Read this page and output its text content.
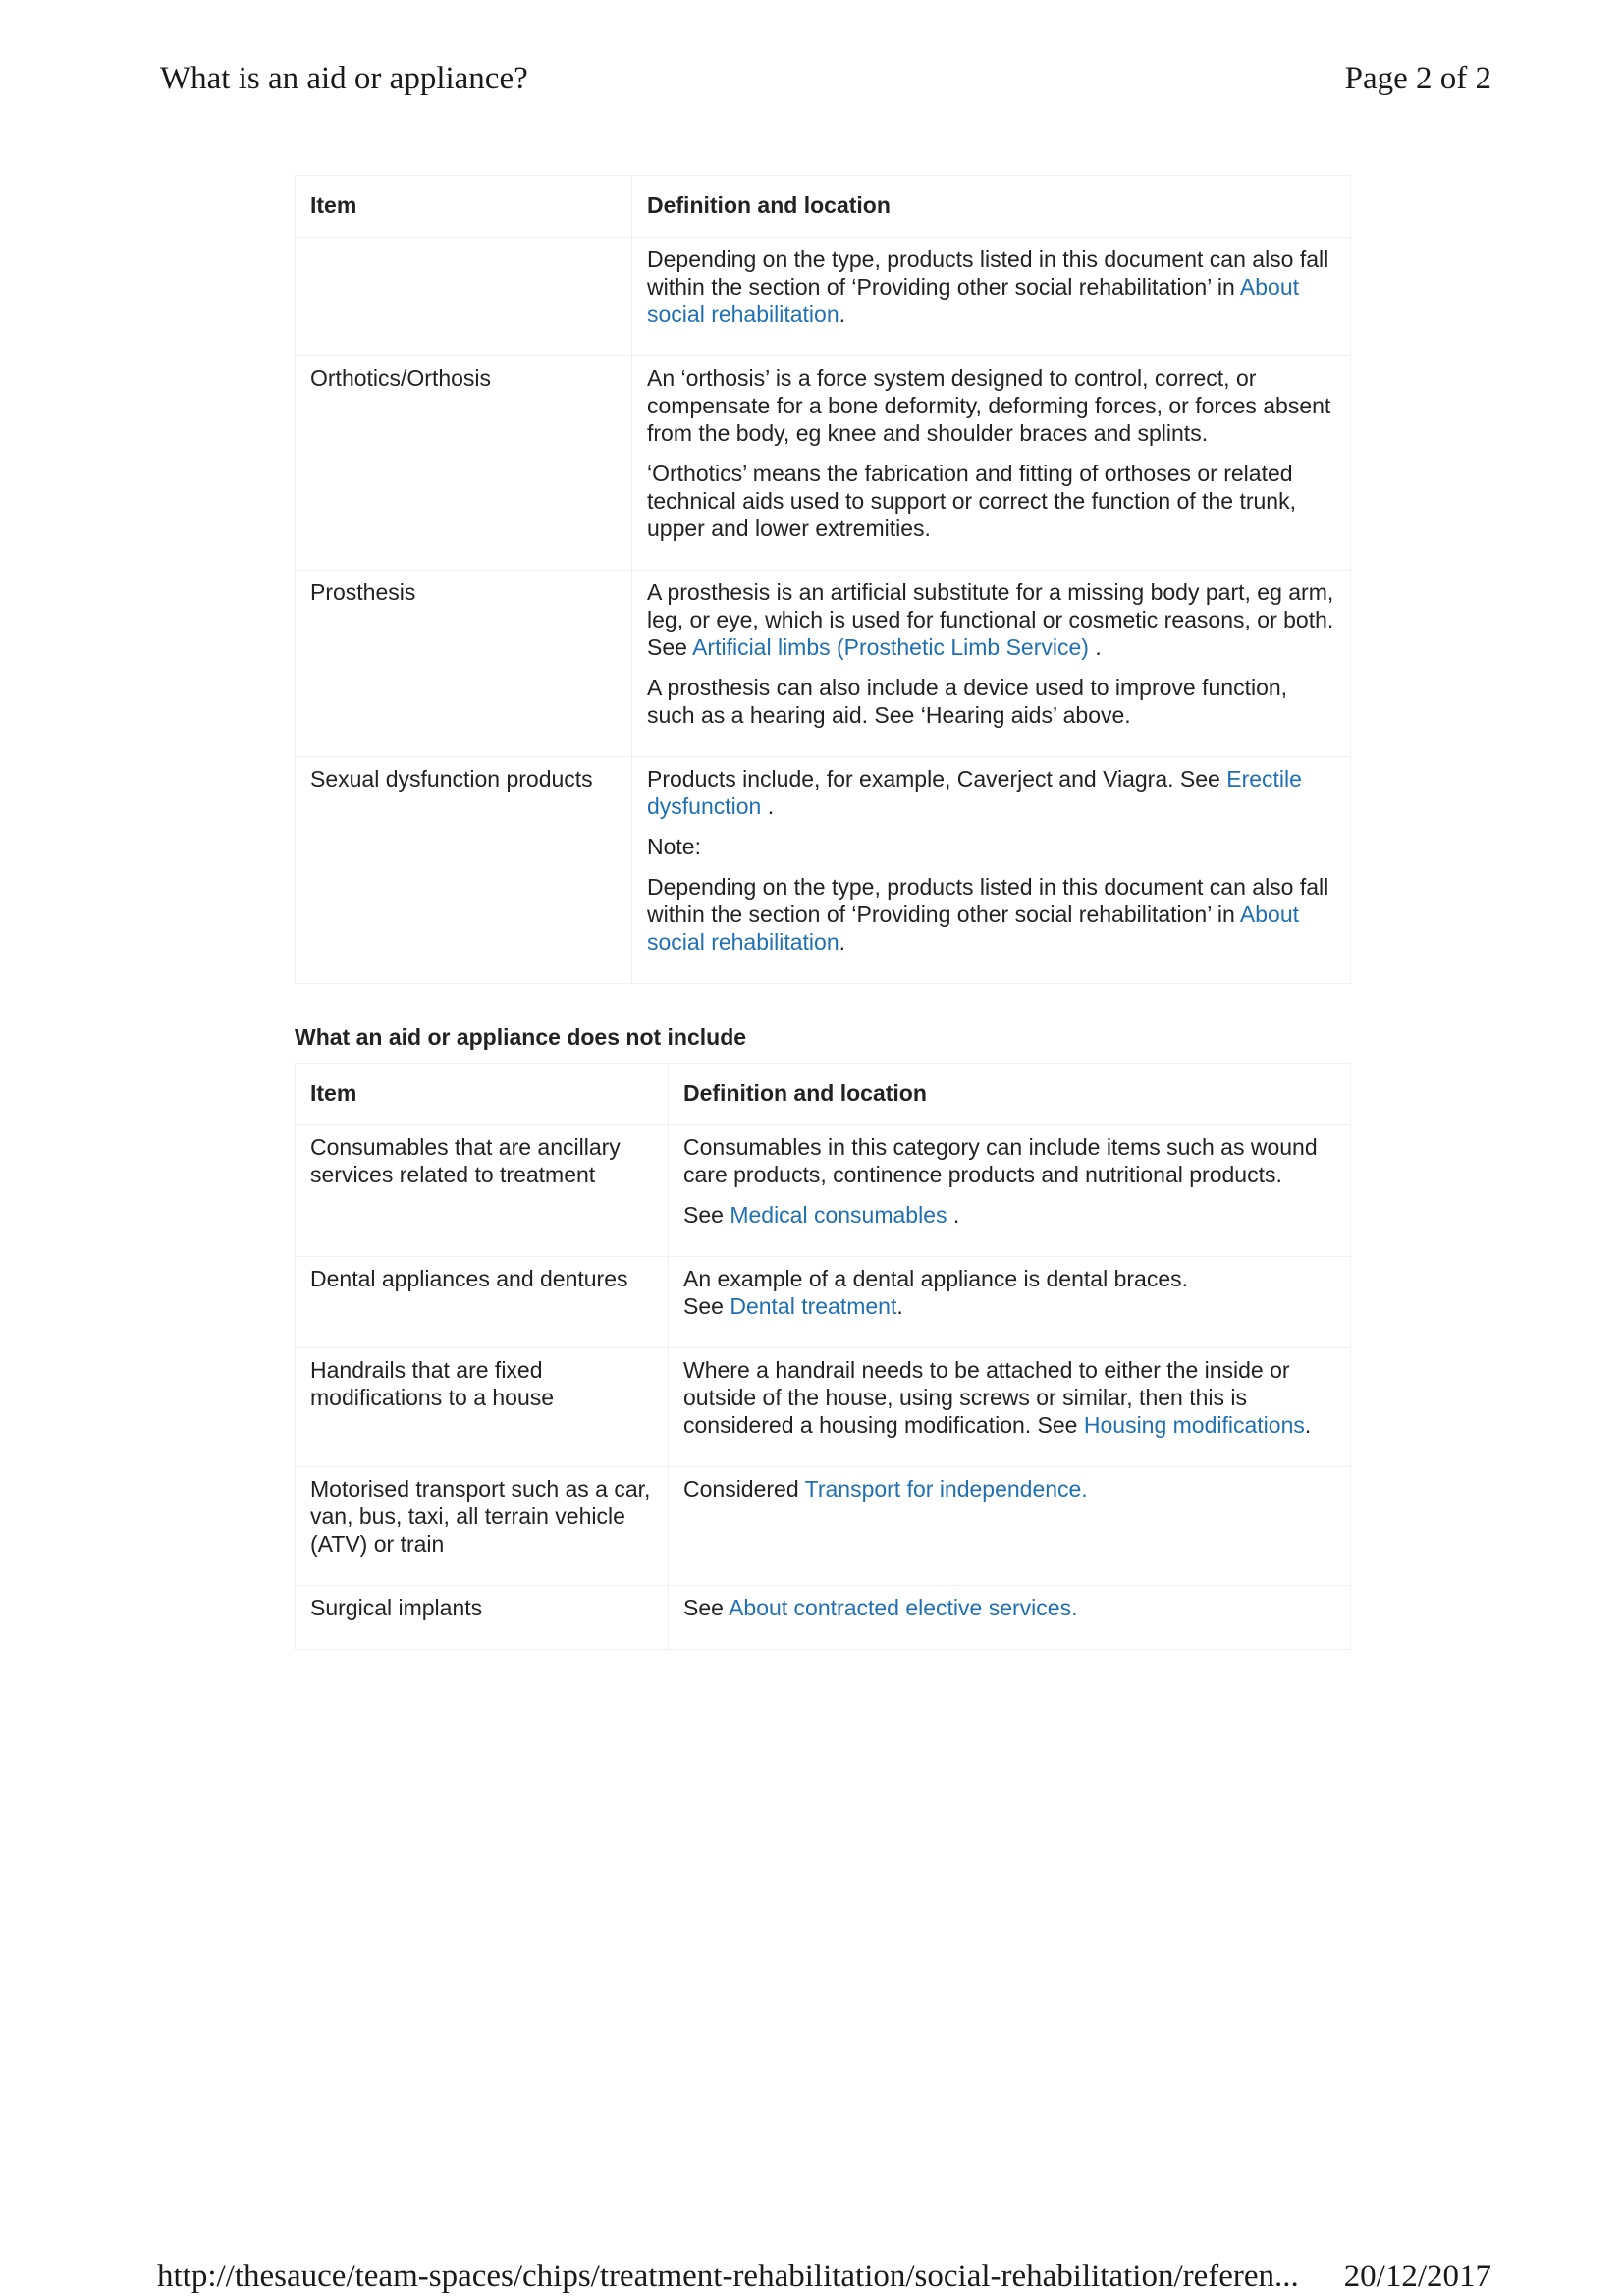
What is an aid or appliance?	Page 2 of 2
Item	Definition and location

	Depending on the type, products listed in this document can also fall within the section of ‘Providing other social rehabilitation’ in About social rehabilitation.

Orthotics/Orthosis	An ‘orthosis’ is a force system designed to control, correct, or compensate for a bone deformity, deforming forces, or forces absent from the body, eg knee and shoulder braces and splints.

‘Orthotics’ means the fabrication and fitting of orthoses or related technical aids used to support or correct the function of the trunk, upper and lower extremities.

Prosthesis	A prosthesis is an artificial substitute for a missing body part, eg arm, leg, or eye, which is used for functional or cosmetic reasons, or both. See Artificial limbs (Prosthetic Limb Service) .

A prosthesis can also include a device used to improve function, such as a hearing aid. See ‘Hearing aids’ above.

Sexual dysfunction products	Products include, for example, Caverject and Viagra. See Erectile dysfunction .

Note:

Depending on the type, products listed in this document can also fall within the section of ‘Providing other social rehabilitation’ in About social rehabilitation.

What an aid or appliance does not include
Item	Definition and location
Consumables that are ancillary services related to treatment	Consumables in this category can include items such as wound care products, continence products and nutritional products.

See Medical consumables .

Dental appliances and dentures	An example of a dental appliance is dental braces.
See Dental treatment.

Handrails that are fixed modifications to a house	Where a handrail needs to be attached to either the inside or outside of the house, using screws or similar, then this is considered a housing modification. See Housing modifications.

Motorised transport such as a car, van, bus, taxi, all terrain vehicle (ATV) or train	Considered Transport for independence.

Surgical implants	See About contracted elective services.

http://thesauce/team-spaces/chips/treatment-rehabilitation/social-rehabilitation/referen... 20/12/2017
